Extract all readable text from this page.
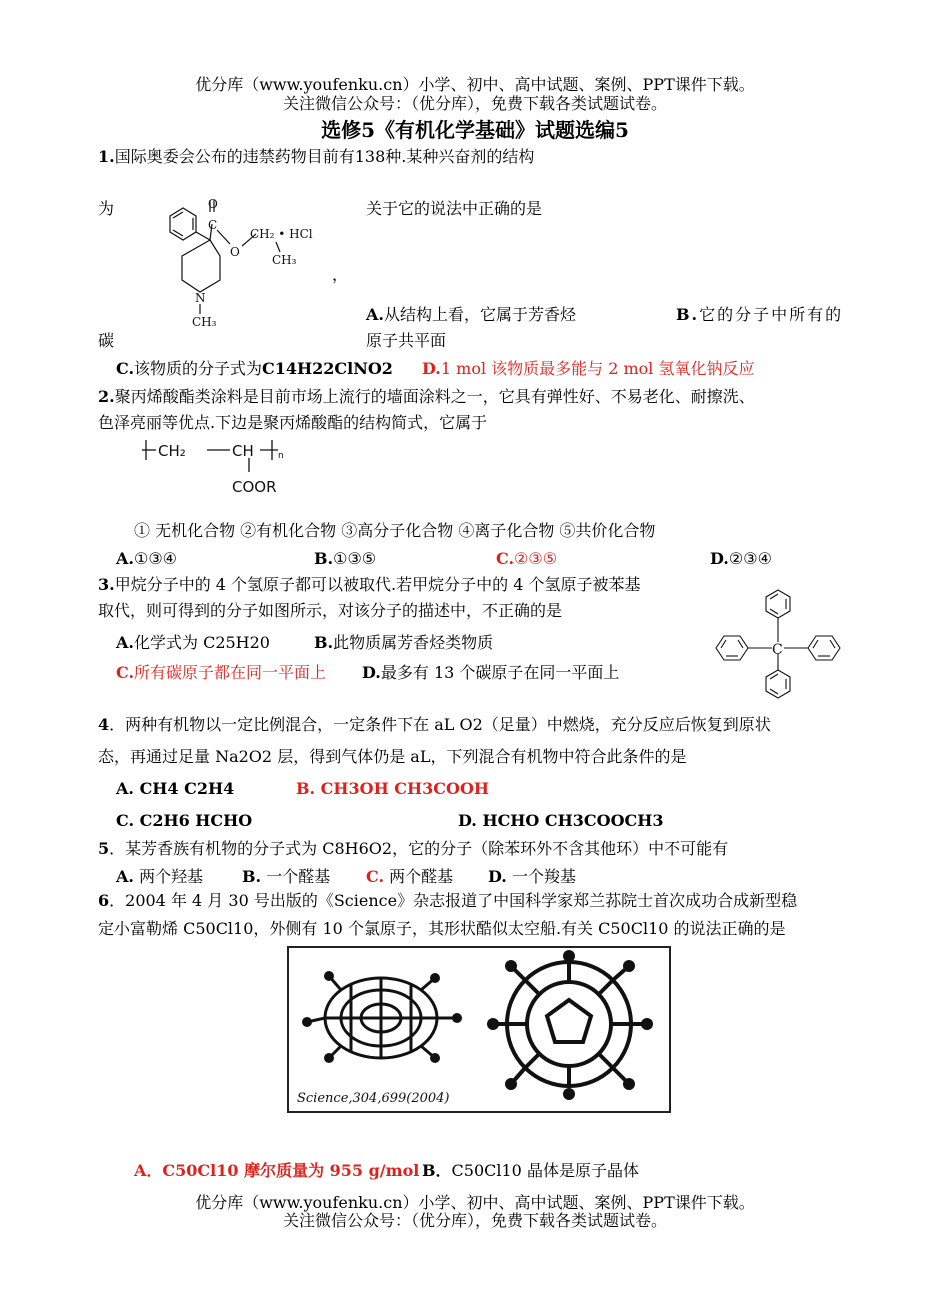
优分库（www.youfenku.cn）小学、初中、高中试题、案例、PPT课件下载。
关注微信公众号：（优分库），免费下载各类试题试卷。
选修5《有机化学基础》试题选编5
1.国际奥委会公布的违禁药物目前有138种.某种兴奋剂的结构
为	关于它的说法中正确的是
，
O
C
O
CH₂ • HCl
CH₃
N
CH₃	A.从结构上看，它属于芳香烃	B.它的分子中所有的
碳	原子共平面
C.该物质的分子式为C14H22ClNO2 D.1 mol 该物质最多能与 2 mol 氢氧化钠反应
2.聚丙烯酸酯类涂料是目前市场上流行的墙面涂料之一，它具有弹性好、不易老化、耐擦洗、
色泽亮丽等优点.下边是聚丙烯酸酯的结构简式，它属于
CH₂	CH	n
COOR
① 无机化合物 ②有机化合物 ③高分子化合物 ④离子化合物 ⑤共价化合物
A.①③④	B.①③⑤	C.②③⑤	D.②③④
3.甲烷分子中的 4 个氢原子都可以被取代.若甲烷分子中的 4 个氢原子被苯基
取代，则可得到的分子如图所示，对该分子的描述中，不正确的是
A.化学式为 C25H20	B.此物质属芳香烃类物质
C.所有碳原子都在同一平面上 D.最多有 13 个碳原子在同一平面上
C
4．两种有机物以一定比例混合，一定条件下在 aL O2（足量）中燃烧，充分反应后恢复到原状
态，再通过足量 Na2O2 层，得到气体仍是 aL，下列混合有机物中符合此条件的是
A. CH4 C2H4	B. CH3OH CH3COOH
C. C2H6 HCHO	D. HCHO CH3COOCH3
5．某芳香族有机物的分子式为 C8H6O2，它的分子（除苯环外不含其他环）中不可能有
A. 两个羟基 B. 一个醛基 C. 两个醛基 D. 一个羧基
6．2004 年 4 月 30 号出版的《Science》杂志报道了中国科学家郑兰荪院士首次成功合成新型稳
定小富勒烯 C50Cl10，外侧有 10 个氯原子，其形状酷似太空船.有关 C50Cl10 的说法正确的是
Science,304,699(2004)
A．C50Cl10 摩尔质量为 955 g/mol B．C50Cl10 晶体是原子晶体
优分库（www.youfenku.cn）小学、初中、高中试题、案例、PPT课件下载。
关注微信公众号：（优分库），免费下载各类试题试卷。
